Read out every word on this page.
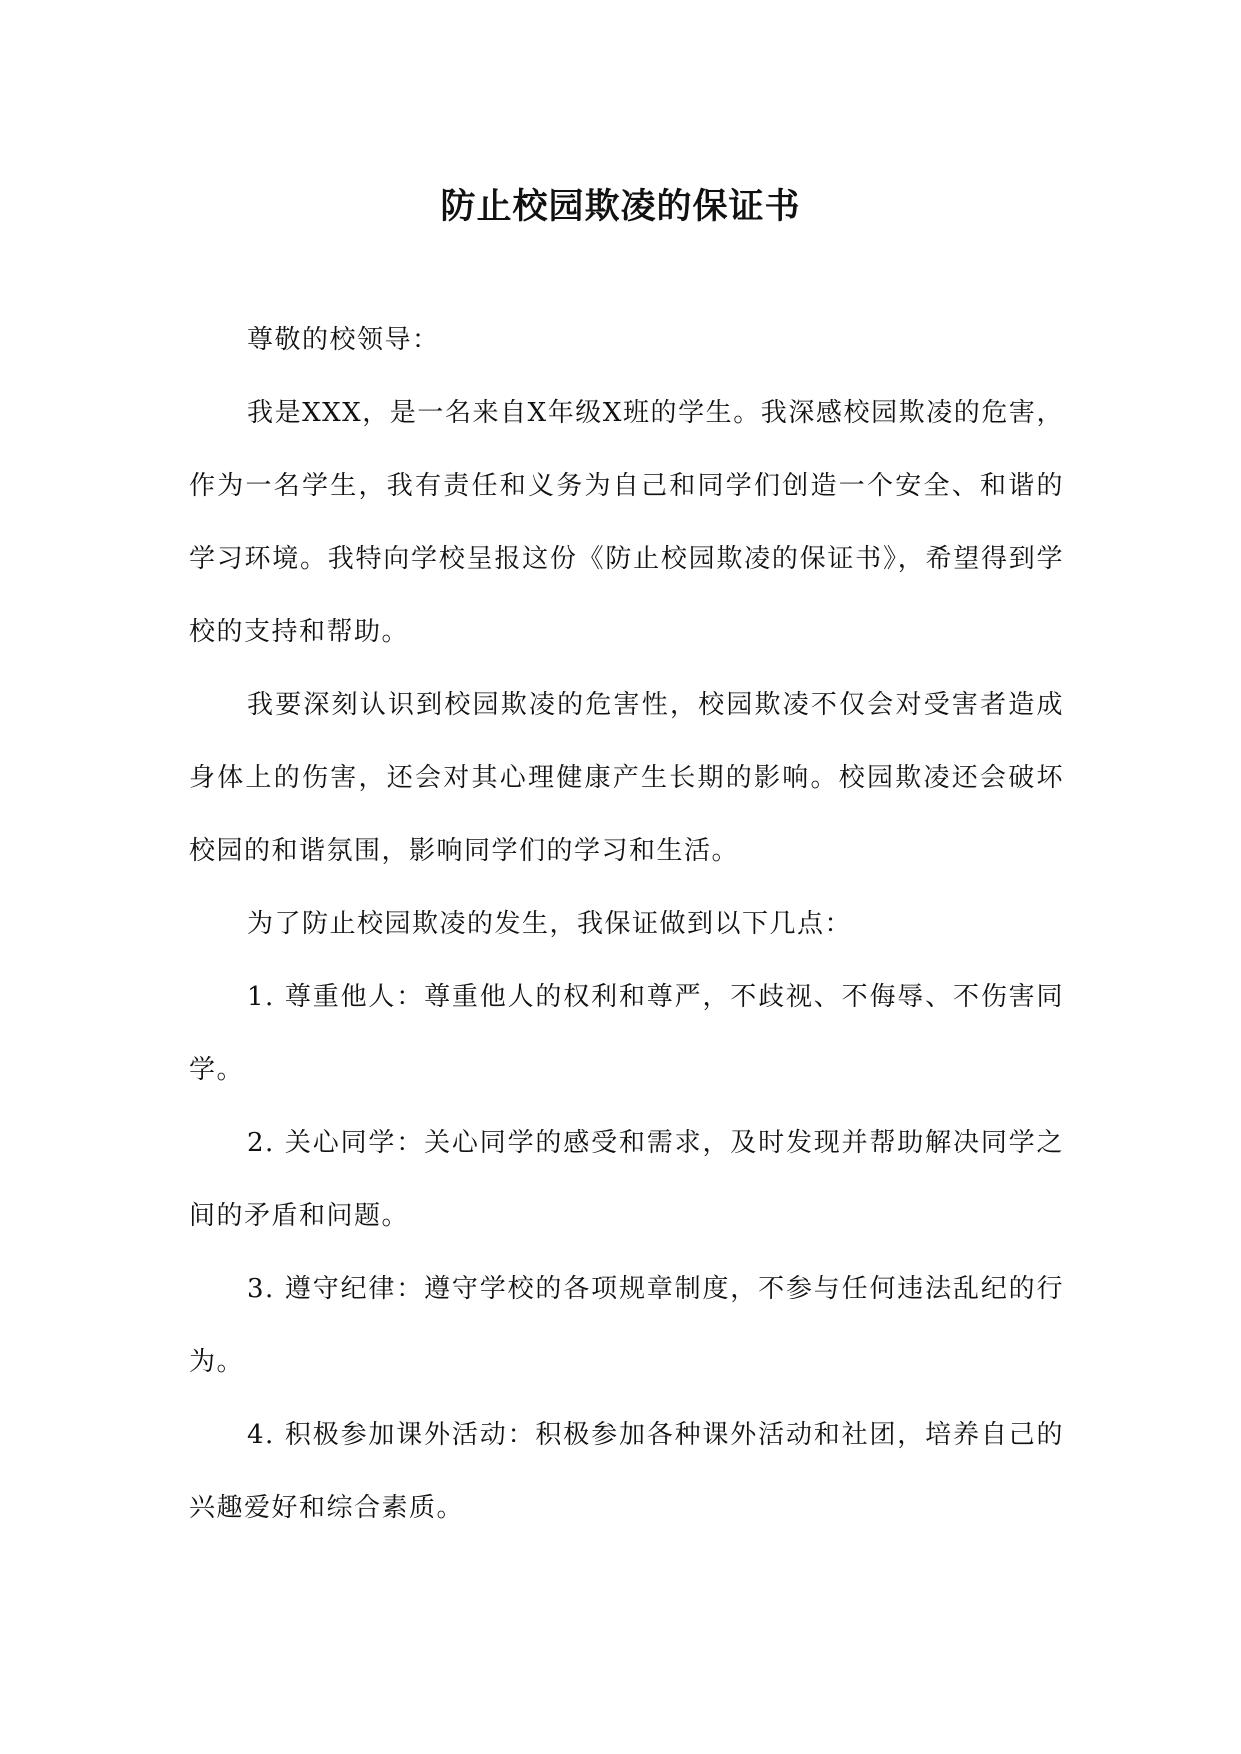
防止校园欺凌的保证书

尊敬的校领导：

我是XXX，是一名来自X年级X班的学生。我深感校园欺凌的危害，作为一名学生，我有责任和义务为自己和同学们创造一个安全、和谐的学习环境。我特向学校呈报这份《防止校园欺凌的保证书》，希望得到学校的支持和帮助。

我要深刻认识到校园欺凌的危害性，校园欺凌不仅会对受害者造成身体上的伤害，还会对其心理健康产生长期的影响。校园欺凌还会破坏校园的和谐氛围，影响同学们的学习和生活。

为了防止校园欺凌的发生，我保证做到以下几点：

1. 尊重他人：尊重他人的权利和尊严，不歧视、不侮辱、不伤害同学。

2. 关心同学：关心同学的感受和需求，及时发现并帮助解决同学之间的矛盾和问题。

3. 遵守纪律：遵守学校的各项规章制度，不参与任何违法乱纪的行为。

4. 积极参加课外活动：积极参加各种课外活动和社团，培养自己的兴趣爱好和综合素质。
